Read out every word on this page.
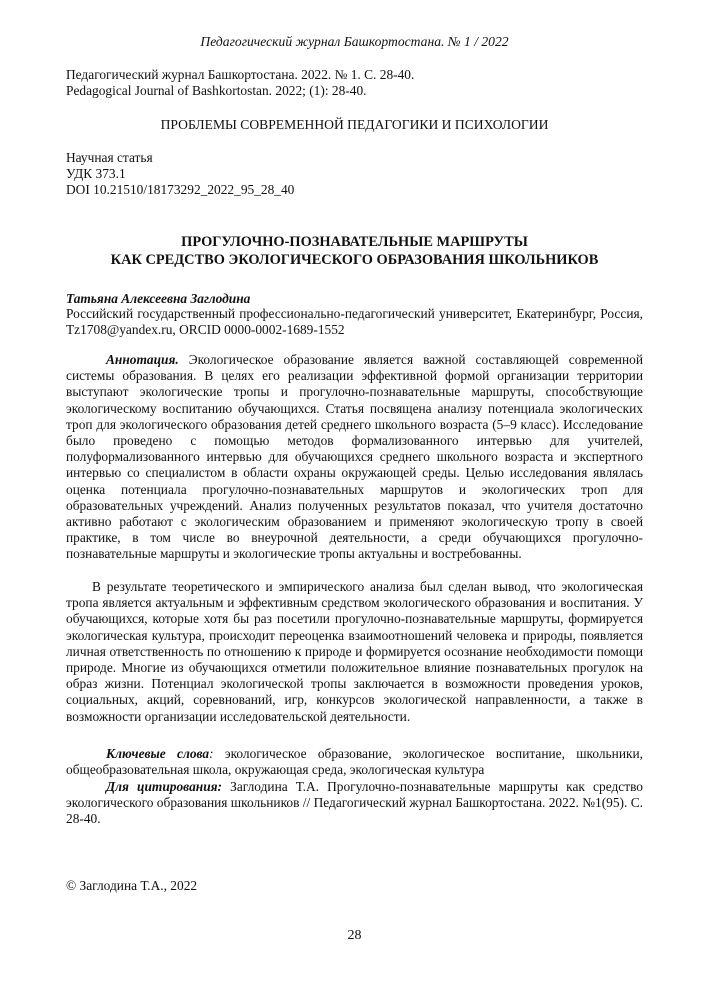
Педагогический журнал Башкортостана. № 1 / 2022
Педагогический журнал Башкортостана. 2022. № 1. С. 28-40.
Pedagogical Journal of Bashkortostan. 2022; (1): 28-40.
ПРОБЛЕМЫ СОВРЕМЕННОЙ ПЕДАГОГИКИ И ПСИХОЛОГИИ
Научная статья
УДК 373.1
DOI 10.21510/18173292_2022_95_28_40
ПРОГУЛОЧНО-ПОЗНАВАТЕЛЬНЫЕ МАРШРУТЫ
КАК СРЕДСТВО ЭКОЛОГИЧЕСКОГО ОБРАЗОВАНИЯ ШКОЛЬНИКОВ
Татьяна Алексеевна Заглодина
Российский государственный профессионально-педагогический университет, Екатеринбург, Россия, Tz1708@yandex.ru, ORCID 0000-0002-1689-1552
Аннотация. Экологическое образование является важной составляющей современной системы образования. В целях его реализации эффективной формой организации территории выступают экологические тропы и прогулочно-познавательные маршруты, способствующие экологическому воспитанию обучающихся. Статья посвящена анализу потенциала экологических троп для экологического образования детей среднего школьного возраста (5–9 класс). Исследование было проведено с помощью методов формализованного интервью для учителей, полуформализованного интервью для обучающихся среднего школьного возраста и экспертного интервью со специалистом в области охраны окружающей среды. Целью исследования являлась оценка потенциала прогулочно-познавательных маршрутов и экологических троп для образовательных учреждений. Анализ полученных результатов показал, что учителя достаточно активно работают с экологическим образованием и применяют экологическую тропу в своей практике, в том числе во внеурочной деятельности, а среди обучающихся прогулочно-познавательные маршруты и экологические тропы актуальны и востребованны.
В результате теоретического и эмпирического анализа был сделан вывод, что экологическая тропа является актуальным и эффективным средством экологического образования и воспитания. У обучающихся, которые хотя бы раз посетили прогулочно-познавательные маршруты, формируется экологическая культура, происходит переоценка взаимоотношений человека и природы, появляется личная ответственность по отношению к природе и формируется осознание необходимости помощи природе. Многие из обучающихся отметили положительное влияние познавательных прогулок на образ жизни. Потенциал экологической тропы заключается в возможности проведения уроков, социальных, акций, соревнований, игр, конкурсов экологической направленности, а также в возможности организации исследовательской деятельности.
Ключевые слова: экологическое образование, экологическое воспитание, школьники, общеобразовательная школа, окружающая среда, экологическая культура
Для цитирования: Заглодина Т.А. Прогулочно-познавательные маршруты как средство экологического образования школьников // Педагогический журнал Башкортостана. 2022. №1(95). С. 28-40.
© Заглодина Т.А., 2022
28
